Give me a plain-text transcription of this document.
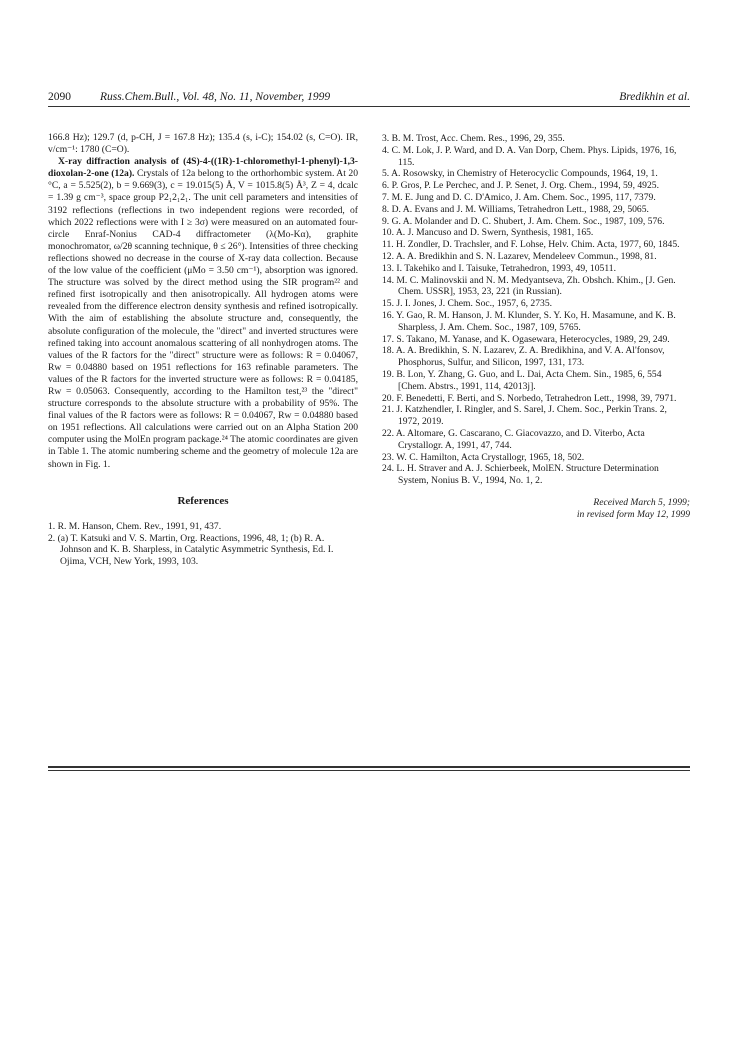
2090	Russ.Chem.Bull., Vol. 48, No. 11, November, 1999	Bredikhin et al.

166.8 Hz); 129.7 (d, p-CH, J = 167.8 Hz); 135.4 (s, i-C); 154.02 (s, C=O). IR, v/cm⁻¹: 1780 (C=O).

X-ray diffraction analysis of (4S)-4-((1R)-1-chloromethyl-1-phenyl)-1,3-dioxolan-2-one (12a). Crystals of 12a belong to the orthorhombic system. At 20 °C, a = 5.525(2), b = 9.669(3), c = 19.015(5) Å, V = 1015.8(5) Å³, Z = 4, dcalc = 1.39 g cm⁻³, space group P2₁2₁2₁. The unit cell parameters and intensities of 3192 reflections (reflections in two independent regions were recorded, of which 2022 reflections were with I ≥ 3σ) were measured on an automated four-circle Enraf-Nonius CAD-4 diffractometer (λ(Mo-Kα), graphite monochromator, ω/2θ scanning technique, θ ≤ 26°). Intensities of three checking reflections showed no decrease in the course of X-ray data collection. Because of the low value of the coefficient (μMo = 3.50 cm⁻¹), absorption was ignored. The structure was solved by the direct method using the SIR program²² and refined first isotropically and then anisotropically. All hydrogen atoms were revealed from the difference electron density synthesis and refined isotropically. With the aim of establishing the absolute structure and, consequently, the absolute configuration of the molecule, the "direct" and inverted structures were refined taking into account anomalous scattering of all nonhydrogen atoms. The values of the R factors for the "direct" structure were as follows: R = 0.04067, Rw = 0.04880 based on 1951 reflections for 163 refinable parameters. The values of the R factors for the inverted structure were as follows: R = 0.04185, Rw = 0.05063. Consequently, according to the Hamilton test,²³ the "direct" structure corresponds to the absolute structure with a probability of 95%. The final values of the R factors were as follows: R = 0.04067, Rw = 0.04880 based on 1951 reflections. All calculations were carried out on an Alpha Station 200 computer using the MolEn program package.²⁴ The atomic coordinates are given in Table 1. The atomic numbering scheme and the geometry of molecule 12a are shown in Fig. 1.

References

1. R. M. Hanson, Chem. Rev., 1991, 91, 437.

2. (a) T. Katsuki and V. S. Martin, Org. Reactions, 1996, 48, 1; (b) R. A. Johnson and K. B. Sharpless, in Catalytic Asymmetric Synthesis, Ed. I. Ojima, VCH, New York, 1993, 103.

3. B. M. Trost, Acc. Chem. Res., 1996, 29, 355.

4. C. M. Lok, J. P. Ward, and D. A. Van Dorp, Chem. Phys. Lipids, 1976, 16, 115.

5. A. Rosowsky, in Chemistry of Heterocyclic Compounds, 1964, 19, 1.

6. P. Gros, P. Le Perchec, and J. P. Senet, J. Org. Chem., 1994, 59, 4925.

7. M. E. Jung and D. C. D'Amico, J. Am. Chem. Soc., 1995, 117, 7379.

8. D. A. Evans and J. M. Williams, Tetrahedron Lett., 1988, 29, 5065.

9. G. A. Molander and D. C. Shubert, J. Am. Chem. Soc., 1987, 109, 576.

10. A. J. Mancuso and D. Swern, Synthesis, 1981, 165.

11. H. Zondler, D. Trachsler, and F. Lohse, Helv. Chim. Acta, 1977, 60, 1845.

12. A. A. Bredikhin and S. N. Lazarev, Mendeleev Commun., 1998, 81.

13. I. Takehiko and I. Taisuke, Tetrahedron, 1993, 49, 10511.

14. M. C. Malinovskii and N. M. Medyantseva, Zh. Obshch. Khim., [J. Gen. Chem. USSR], 1953, 23, 221 (in Russian).

15. J. I. Jones, J. Chem. Soc., 1957, 6, 2735.

16. Y. Gao, R. M. Hanson, J. M. Klunder, S. Y. Ko, H. Masamune, and K. B. Sharpless, J. Am. Chem. Soc., 1987, 109, 5765.

17. S. Takano, M. Yanase, and K. Ogasewara, Heterocycles, 1989, 29, 249.

18. A. A. Bredikhin, S. N. Lazarev, Z. A. Bredikhina, and V. A. Al'fonsov, Phosphorus, Sulfur, and Silicon, 1997, 131, 173.

19. B. Lon, Y. Zhang, G. Guo, and L. Dai, Acta Chem. Sin., 1985, 6, 554 [Chem. Abstrs., 1991, 114, 42013j].

20. F. Benedetti, F. Berti, and S. Norbedo, Tetrahedron Lett., 1998, 39, 7971.

21. J. Katzhendler, I. Ringler, and S. Sarel, J. Chem. Soc., Perkin Trans. 2, 1972, 2019.

22. A. Altomare, G. Cascarano, C. Giacovazzo, and D. Viterbo, Acta Crystallogr. A, 1991, 47, 744.

23. W. C. Hamilton, Acta Crystallogr, 1965, 18, 502.

24. L. H. Straver and A. J. Schierbeek, MolEN. Structure Determination System, Nonius B. V., 1994, No. 1, 2.

Received March 5, 1999;
in revised form May 12, 1999
